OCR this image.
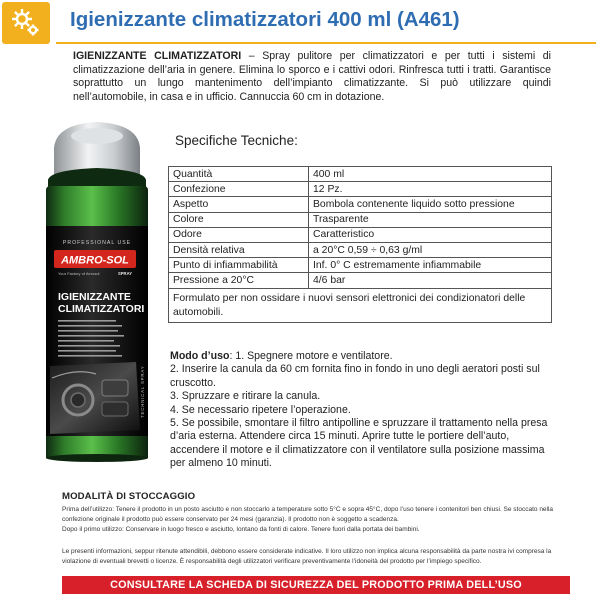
Igienizzante climatizzatori 400 ml (A461)
IGIENIZZANTE CLIMATIZZATORI – Spray pulitore per climatizzatori e per tutti i sistemi di climatizzazione dell’aria in genere. Elimina lo sporco e i cattivi odori. Rinfresca tutti i tratti. Garantisce soprattutto un lungo mantenimento dell’impianto climatizzante. Si può utilizzare quindi nell’automobile, in casa e in ufficio. Cannuccia 60 cm in dotazione.
PROFESSIONAL USE
AMBRO-SOL
SPRAY
Your Factory of Aerosol
IGIENIZZANTE
CLIMATIZZATORI
TECHNICAL SPRAY
Specifiche Tecniche:
Quantità	400 ml
Confezione	12 Pz.
Aspetto	Bombola contenente liquido sotto pressione
Colore	Trasparente
Odore	Caratteristico
Densità relativa	a 20°C 0,59 ÷ 0,63 g/ml
Punto di infiammabilità	Inf. 0° C estremamente infiammabile
Pressione a 20°C	4/6 bar
Formulato per non ossidare i nuovi sensori elettronici dei condizionatori delle automobili.	

Modo d’uso: 1. Spegnere motore e ventilatore.

2. Inserire la canula da 60 cm fornita fino in fondo in uno degli aeratori posti sul cruscotto.

3. Spruzzare e ritirare la canula.

4. Se necessario ripetere l’operazione.

5. Se possibile, smontare il filtro antipolline e spruzzare il trattamento nella presa d’aria esterna. Attendere circa 15 minuti. Aprire tutte le portiere dell’auto, accendere il motore e il climatizzatore con il ventilatore sulla posizione massima per almeno 10 minuti.

MODALITÀ DI STOCCAGGIO
Prima dell’utilizzo: Tenere il prodotto in un posto asciutto e non stoccarlo a temperature sotto 5°C e sopra 45°C, dopo l’uso tenere i contenitori ben chiusi. Se stoccato nella confezione originale il prodotto può essere conservato per 24 mesi (garanzia). Il prodotto non è soggetto a scadenza.
Dopo il primo utilizzo: Conservare in luogo fresco e asciutto, lontano da fonti di calore. Tenere fuori dalla portata dei bambini.
Le presenti informazioni, seppur ritenute attendibili, debbono essere considerate indicative. Il loro utilizzo non implica alcuna responsabilità da parte nostra ivi compresa la violazione di eventuali brevetti o licenze. È responsabilità degli utilizzatori verificare preventivamente l’idoneità del prodotto per l’impiego specifico.
CONSULTARE LA SCHEDA DI SICUREZZA DEL PRODOTTO PRIMA DELL’USO
